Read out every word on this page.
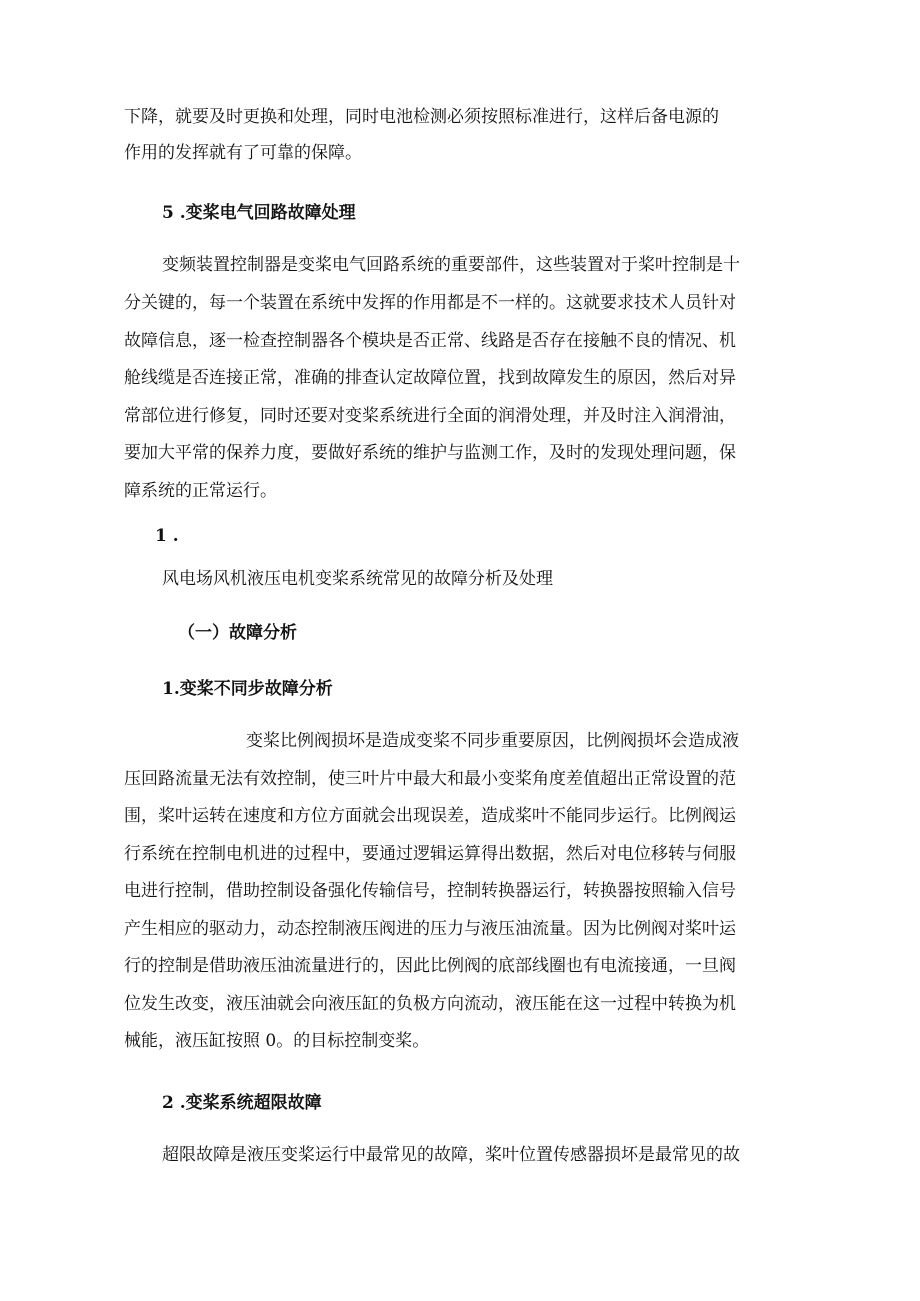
下降，就要及时更换和处理，同时电池检测必须按照标准进行，这样后备电源的
作用的发挥就有了可靠的保障。
5 .变桨电气回路故障处理
变频装置控制器是变桨电气回路系统的重要部件，这些装置对于桨叶控制是十
分关键的，每一个装置在系统中发挥的作用都是不一样的。这就要求技术人员针对
故障信息，逐一检查控制器各个模块是否正常、线路是否存在接触不良的情况、机
舱线缆是否连接正常，准确的排查认定故障位置，找到故障发生的原因，然后对异
常部位进行修复，同时还要对变桨系统进行全面的润滑处理，并及时注入润滑油，
要加大平常的保养力度，要做好系统的维护与监测工作，及时的发现处理问题，保
障系统的正常运行。
1 .
风电场风机液压电机变桨系统常见的故障分析及处理
（一）故障分析
1.变桨不同步故障分析
变桨比例阀损坏是造成变桨不同步重要原因，比例阀损坏会造成液
压回路流量无法有效控制，使三叶片中最大和最小变桨角度差值超出正常设置的范
围，桨叶运转在速度和方位方面就会出现误差，造成桨叶不能同步运行。比例阀运
行系统在控制电机进的过程中，要通过逻辑运算得出数据，然后对电位移转与伺服
电进行控制，借助控制设备强化传输信号，控制转换器运行，转换器按照输入信号
产生相应的驱动力，动态控制液压阀进的压力与液压油流量。因为比例阀对桨叶运
行的控制是借助液压油流量进行的，因此比例阀的底部线圈也有电流接通，一旦阀
位发生改变，液压油就会向液压缸的负极方向流动，液压能在这一过程中转换为机
械能，液压缸按照 0。的目标控制变桨。
2 .变桨系统超限故障
超限故障是液压变桨运行中最常见的故障，桨叶位置传感器损坏是最常见的故
